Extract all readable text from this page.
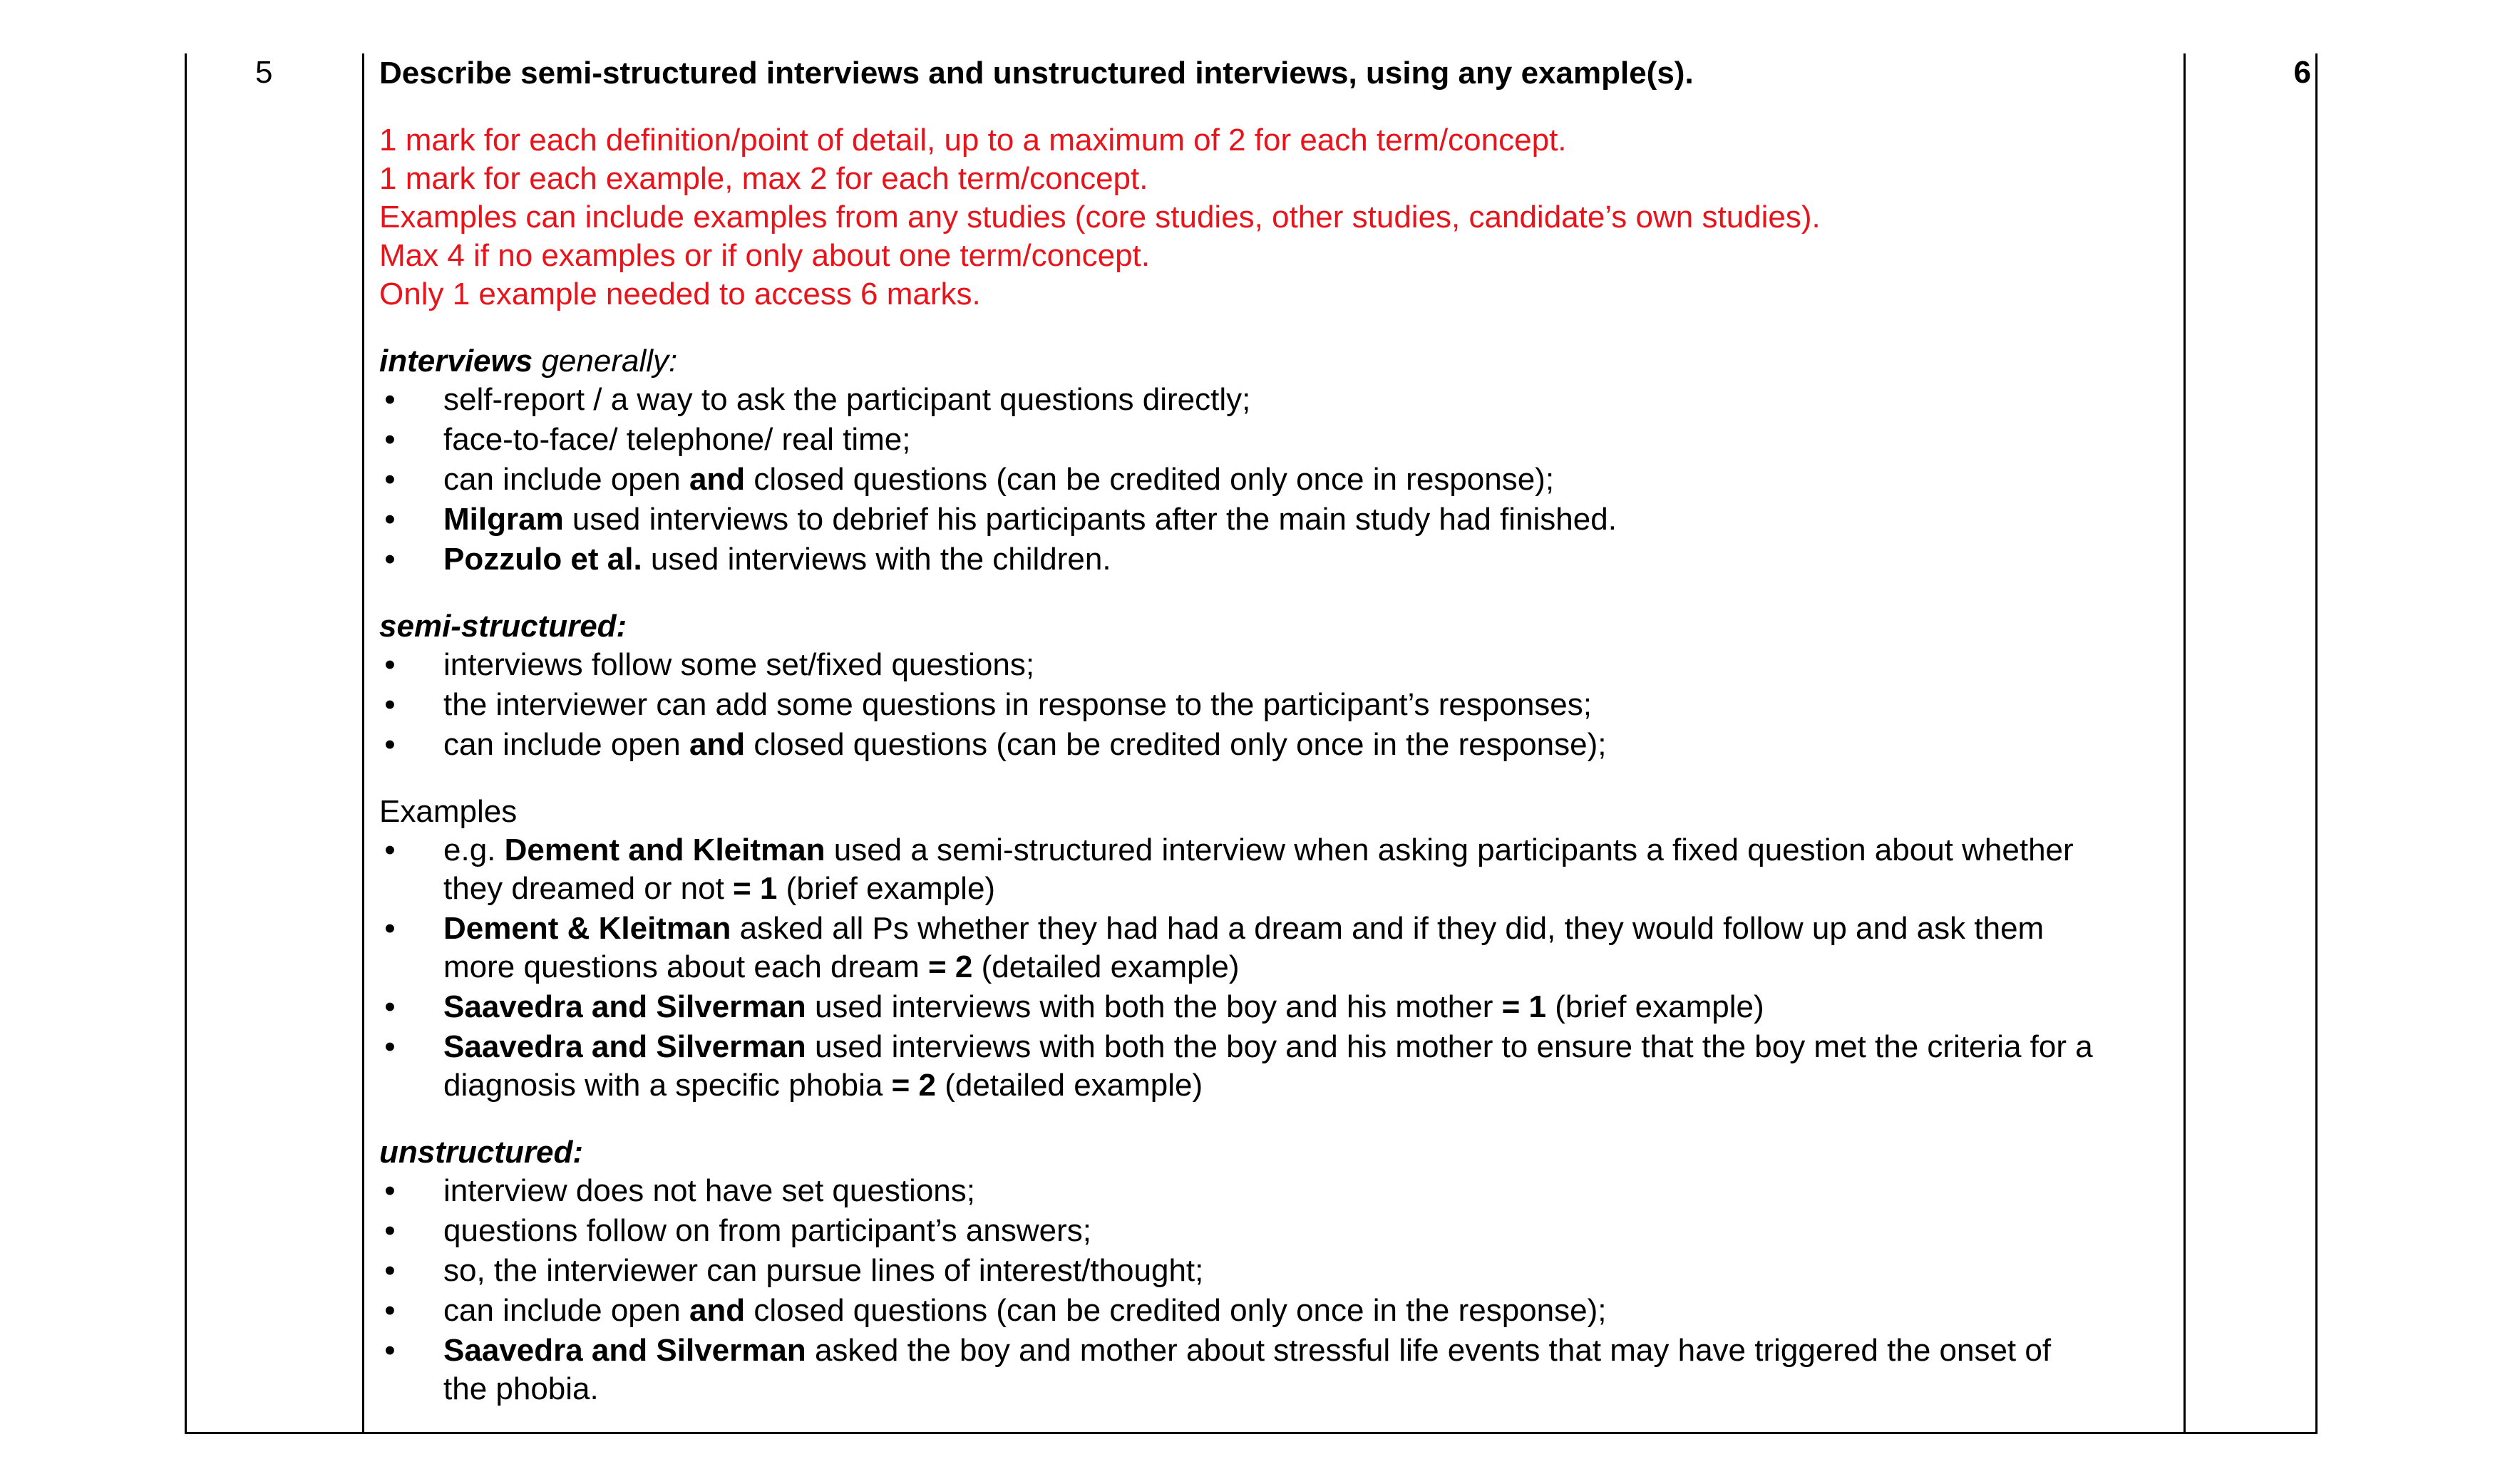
5	6

Describe semi-structured interviews and unstructured interviews, using any example(s).

1 mark for each definition/point of detail, up to a maximum of 2 for each term/concept.
1 mark for each example, max 2 for each term/concept.
Examples can include examples from any studies (core studies, other studies, candidate’s own studies).
Max 4 if no examples or if only about one term/concept.
Only 1 example needed to access 6 marks.
interviews generally:
• self-report / a way to ask the participant questions directly;
• face-to-face/ telephone/ real time;
• can include open and closed questions (can be credited only once in response);
• Milgram used interviews to debrief his participants after the main study had finished.
• Pozzulo et al. used interviews with the children.
semi-structured:
• interviews follow some set/fixed questions;
• the interviewer can add some questions in response to the participant’s responses;
• can include open and closed questions (can be credited only once in the response);
Examples
• e.g. Dement and Kleitman used a semi-structured interview when asking participants a fixed question about whether
they dreamed or not = 1 (brief example)
• Dement & Kleitman asked all Ps whether they had had a dream and if they did, they would follow up and ask them
more questions about each dream = 2 (detailed example)
• Saavedra and Silverman used interviews with both the boy and his mother = 1 (brief example)
• Saavedra and Silverman used interviews with both the boy and his mother to ensure that the boy met the criteria for a
diagnosis with a specific phobia = 2 (detailed example)
unstructured:
• interview does not have set questions;
• questions follow on from participant’s answers;
• so, the interviewer can pursue lines of interest/thought;
• can include open and closed questions (can be credited only once in the response);
• Saavedra and Silverman asked the boy and mother about stressful life events that may have triggered the onset of
the phobia.
